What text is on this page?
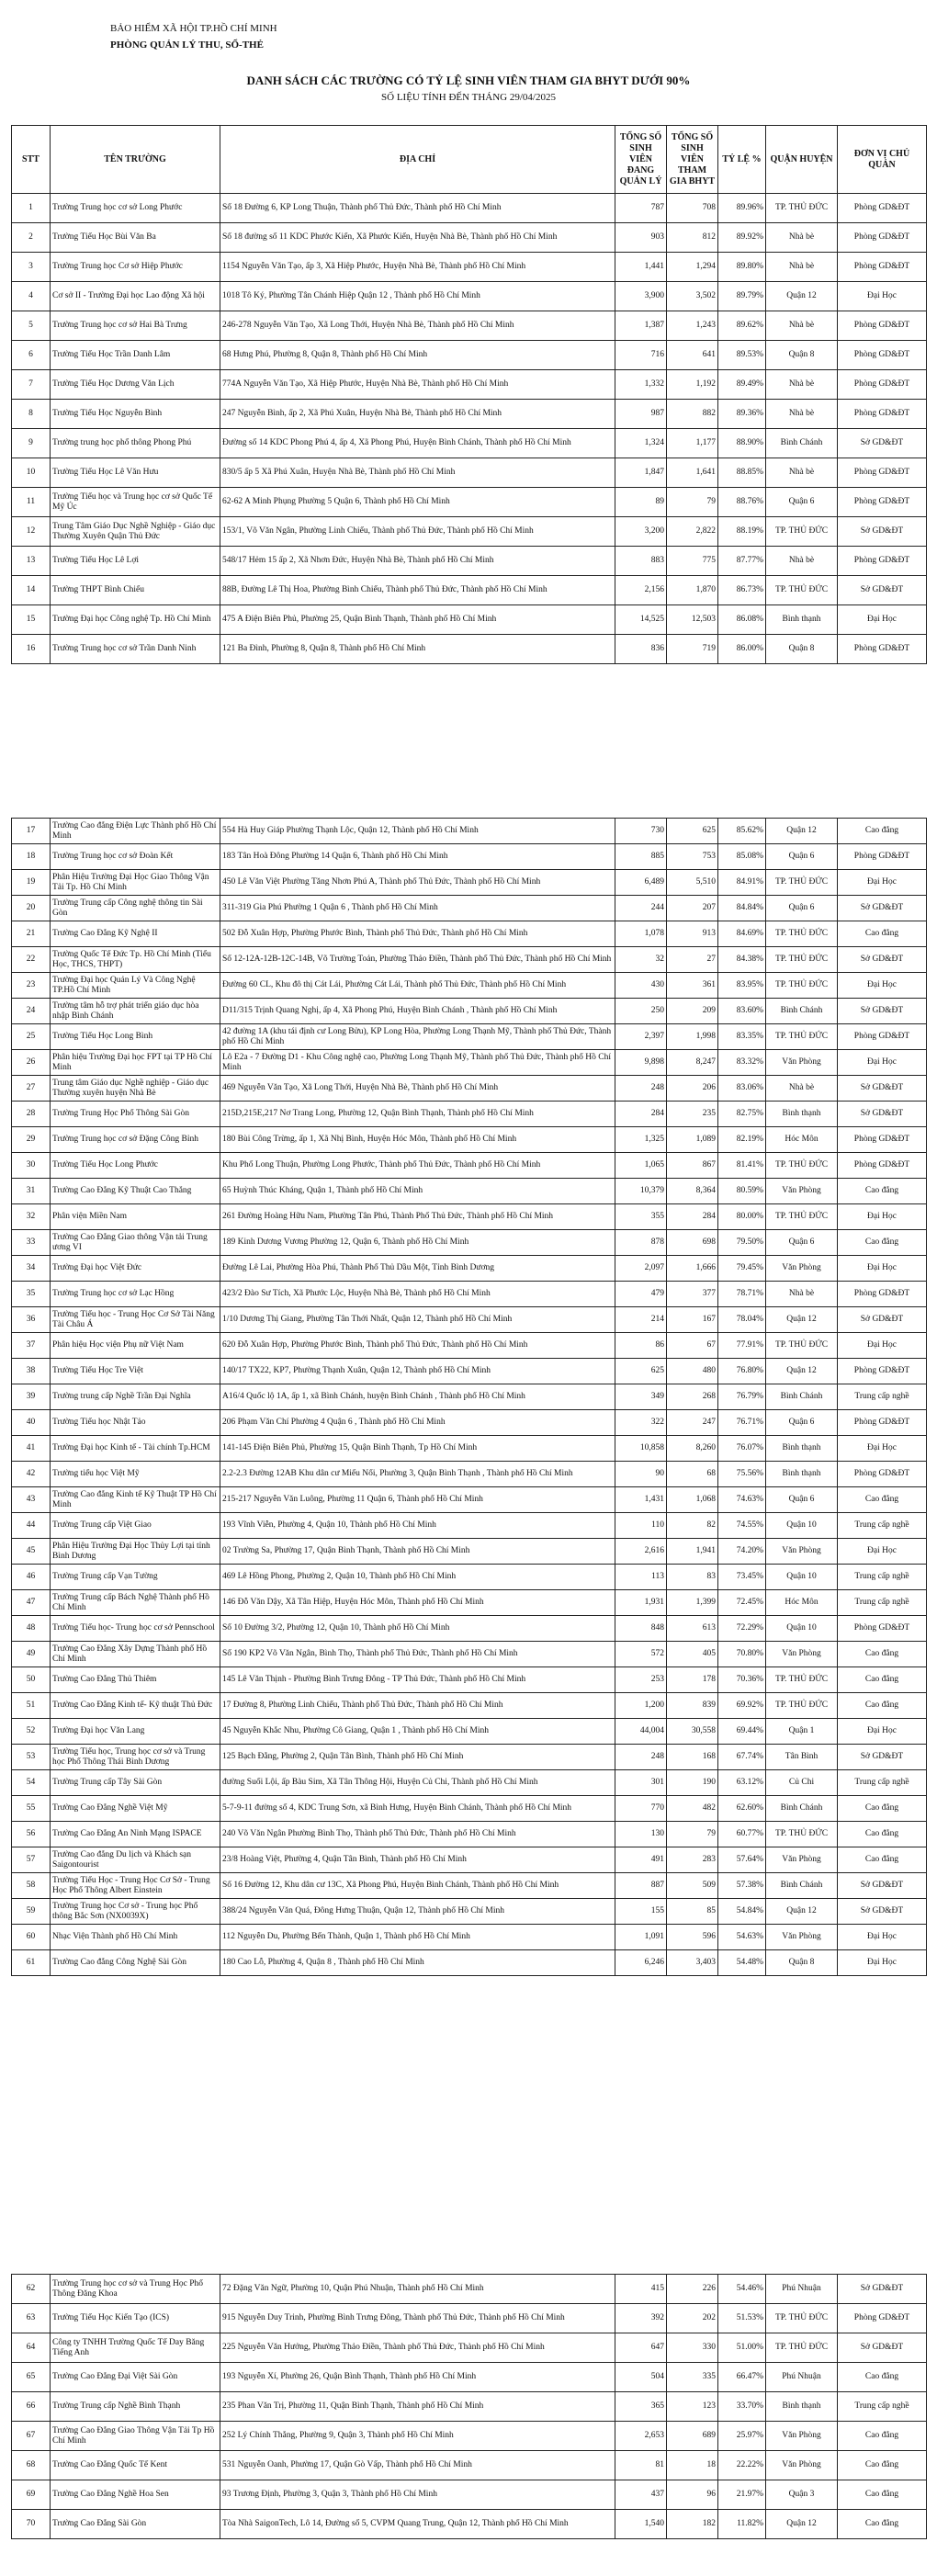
BẢO HIỂM XÃ HỘI TP.HỒ CHÍ MINH
PHÒNG QUẢN LÝ THU, SỔ-THẺ
DANH SÁCH CÁC TRƯỜNG CÓ TỶ LỆ SINH VIÊN THAM GIA BHYT DƯỚI 90%
SỐ LIỆU TÍNH ĐẾN THÁNG 29/04/2025
STT	TÊN TRƯỜNG	ĐỊA CHỈ	TỔNG SỐ SINH VIÊN ĐANG QUẢN LÝ	TỔNG SỐ SINH VIÊN THAM GIA BHYT	TỶ LỆ %	QUẬN HUYỆN	ĐƠN VỊ CHỦ QUẢN
1	Trường Trung học cơ sở Long Phước	Số 18 Đường 6, KP Long Thuận, Thành phố Thủ Đức, Thành phố Hồ Chí Minh	787	708	89.96%	TP. THỦ ĐỨC	Phòng GD&ĐT
2	Trường Tiểu Học Bùi Văn Ba	Số 18 đường số 11 KDC Phước Kiển, Xã Phước Kiển, Huyện Nhà Bè, Thành phố Hồ Chí Minh	903	812	89.92%	Nhà bè	Phòng GD&ĐT
3	Trường Trung học Cơ sở Hiệp Phước	1154 Nguyễn Văn Tạo, ấp 3, Xã Hiệp Phước, Huyện Nhà Bè, Thành phố Hồ Chí Minh	1,441	1,294	89.80%	Nhà bè	Phòng GD&ĐT
4	Cơ sở II - Trường Đại học Lao động Xã hội	1018 Tô Ký, Phường Tân Chánh Hiệp Quận 12 , Thành phố Hồ Chí Minh	3,900	3,502	89.79%	Quận 12	Đại Học
5	Trường Trung học cơ sở Hai Bà Trưng	246-278 Nguyễn Văn Tạo, Xã Long Thới, Huyện Nhà Bè, Thành phố Hồ Chí Minh	1,387	1,243	89.62%	Nhà bè	Phòng GD&ĐT
6	Trường Tiểu Học Trần Danh Lâm	68 Hưng Phú, Phường 8, Quận 8, Thành phố Hồ Chí Minh	716	641	89.53%	Quận 8	Phòng GD&ĐT
7	Trường Tiểu Học Dương Văn Lịch	774A Nguyễn Văn Tạo, Xã Hiệp Phước, Huyện Nhà Bè, Thành phố Hồ Chí Minh	1,332	1,192	89.49%	Nhà bè	Phòng GD&ĐT
8	Trường Tiểu Học Nguyễn Bình	247 Nguyễn Bình, ấp 2, Xã Phú Xuân, Huyện Nhà Bè, Thành phố Hồ Chí Minh	987	882	89.36%	Nhà bè	Phòng GD&ĐT
9	Trường trung học phổ thông Phong Phú	Đường số 14 KDC Phong Phú 4, ấp 4, Xã Phong Phú, Huyện Bình Chánh, Thành phố Hồ Chí Minh	1,324	1,177	88.90%	Bình Chánh	Sở GD&ĐT
10	Trường Tiểu Học Lê Văn Hưu	830/5 ấp 5 Xã Phú Xuân, Huyện Nhà Bè, Thành phố Hồ Chí Minh	1,847	1,641	88.85%	Nhà bè	Phòng GD&ĐT
11	Trường Tiểu học và Trung học cơ sở Quốc Tế Mỹ Úc	62-62 A Minh Phụng Phường 5 Quận 6, Thành phố Hồ Chí Minh	89	79	88.76%	Quận 6	Phòng GD&ĐT
12	Trung Tâm Giáo Dục Nghề Nghiệp - Giáo dục Thường Xuyên Quận Thủ Đức	153/1, Võ Văn Ngân, Phường Linh Chiểu, Thành phố Thủ Đức, Thành phố Hồ Chí Minh	3,200	2,822	88.19%	TP. THỦ ĐỨC	Sở GD&ĐT
13	Trường Tiểu Học Lê Lợi	548/17 Hẻm 15 ấp 2, Xã Nhơn Đức, Huyện Nhà Bè, Thành phố Hồ Chí Minh	883	775	87.77%	Nhà bè	Phòng GD&ĐT
14	Trường THPT Bình Chiểu	88B, Đường Lê Thị Hoa, Phường Bình Chiểu, Thành phố Thủ Đức, Thành phố Hồ Chí Minh	2,156	1,870	86.73%	TP. THỦ ĐỨC	Sở GD&ĐT
15	Trường Đại học Công nghệ Tp. Hồ Chí Minh	475 A Điện Biên Phủ, Phường 25, Quận Bình Thạnh, Thành phố Hồ Chí Minh	14,525	12,503	86.08%	Bình thạnh	Đại Học
16	Trường Trung học cơ sở Trần Danh Ninh	121 Ba Đình, Phường 8, Quận 8, Thành phố Hồ Chí Minh	836	719	86.00%	Quận 8	Phòng GD&ĐT
17	Trường Cao đẳng Điện Lực Thành phố Hồ Chí Minh	554 Hà Huy Giáp Phường Thạnh Lộc, Quận 12, Thành phố Hồ Chí Minh	730	625	85.62%	Quận 12	Cao đẳng
18	Trường Trung học cơ sở Đoàn Kết	183 Tân Hoà Đông Phường 14 Quận 6, Thành phố Hồ Chí Minh	885	753	85.08%	Quận 6	Phòng GD&ĐT
19	Phân Hiệu Trường Đại Học Giao Thông Vận Tải Tp. Hồ Chí Minh	450 Lê Văn Việt Phường Tăng Nhơn Phú A, Thành phố Thủ Đức, Thành phố Hồ Chí Minh	6,489	5,510	84.91%	TP. THỦ ĐỨC	Đại Học
20	Trường Trung cấp Công nghệ thông tin Sài Gòn	311-319 Gia Phú Phường 1 Quận 6 , Thành phố Hồ Chí Minh	244	207	84.84%	Quận 6	Sở GD&ĐT
21	Trường Cao Đẳng Kỹ Nghệ II	502 Đỗ Xuân Hợp, Phường Phước Bình, Thành phố Thủ Đức, Thành phố Hồ Chí Minh	1,078	913	84.69%	TP. THỦ ĐỨC	Cao đẳng
22	Trường Quốc Tế Đức Tp. Hồ Chí Minh (Tiểu Học, THCS, THPT)	Số 12-12A-12B-12C-14B, Võ Trường Toản, Phường Thảo Điền, Thành phố Thủ Đức, Thành phố Hồ Chí Minh	32	27	84.38%	TP. THỦ ĐỨC	Sở GD&ĐT
23	Trường Đại học Quản Lý Và Công Nghệ TP.Hồ Chí Minh	Đường 60 CL, Khu đô thị Cát Lái, Phường Cát Lái, Thành phố Thủ Đức, Thành phố Hồ Chí Minh	430	361	83.95%	TP. THỦ ĐỨC	Đại Học
24	Trường tâm hỗ trợ phát triển giáo dục hòa nhập Bình Chánh	D11/315 Trịnh Quang Nghị, ấp 4, Xã Phong Phú, Huyện Bình Chánh , Thành phố Hồ Chí Minh	250	209	83.60%	Bình Chánh	Sở GD&ĐT
25	Trường Tiểu Học Long Bình	42 đường 1A (khu tái định cư Long Bửu), KP Long Hòa, Phường Long Thạnh Mỹ, Thành phố Thủ Đức, Thành phố Hồ Chí Minh	2,397	1,998	83.35%	TP. THỦ ĐỨC	Phòng GD&ĐT
26	Phân hiệu Trường Đại học FPT tại TP Hồ Chí Minh	Lô E2a - 7 Đường D1 - Khu Công nghệ cao, Phường Long Thạnh Mỹ, Thành phố Thủ Đức, Thành phố Hồ Chí Minh	9,898	8,247	83.32%	Văn Phòng	Đại Học
27	Trung tâm Giáo dục Nghề nghiệp - Giáo dục Thường xuyên huyện Nhà Bè	469 Nguyễn Văn Tạo, Xã Long Thới, Huyện Nhà Bè, Thành phố Hồ Chí Minh	248	206	83.06%	Nhà bè	Sở GD&ĐT
28	Trường Trung Học Phổ Thông Sài Gòn	215D,215E,217 Nơ Trang Long, Phường 12, Quận Bình Thạnh, Thành phố Hồ Chí Minh	284	235	82.75%	Bình thạnh	Sở GD&ĐT
29	Trường Trung học cơ sở Đặng Công Bỉnh	180 Bùi Công Trừng, ấp 1, Xã Nhị Bình, Huyện Hóc Môn, Thành phố Hồ Chí Minh	1,325	1,089	82.19%	Hóc Môn	Phòng GD&ĐT
30	Trường Tiểu Học Long Phước	Khu Phố Long Thuận, Phường Long Phước, Thành phố Thủ Đức, Thành phố Hồ Chí Minh	1,065	867	81.41%	TP. THỦ ĐỨC	Phòng GD&ĐT
31	Trường Cao Đẳng Kỹ Thuật Cao Thắng	65 Huỳnh Thúc Kháng, Quận 1, Thành phố Hồ Chí Minh	10,379	8,364	80.59%	Văn Phòng	Cao đẳng
32	Phân viện Miền Nam	261 Đường Hoàng Hữu Nam, Phường Tân Phú, Thành Phố Thủ Đức, Thành phố Hồ Chí Minh	355	284	80.00%	TP. THỦ ĐỨC	Đại Học
33	Trường Cao Đẳng Giao thông Vận tải Trung ương VI	189 Kinh Dương Vương Phường 12, Quận 6, Thành phố Hồ Chí Minh	878	698	79.50%	Quận 6	Cao đẳng
34	Trường Đại học Việt Đức	Đường Lê Lai, Phường Hòa Phú, Thành Phố Thủ Dầu Một, Tỉnh Bình Dương	2,097	1,666	79.45%	Văn Phòng	Đại Học
35	Trường Trung học cơ sở Lạc Hồng	423/2 Đào Sư Tích, Xã Phước Lộc, Huyện Nhà Bè, Thành phố Hồ Chí Minh	479	377	78.71%	Nhà bè	Phòng GD&ĐT
36	Trường Tiểu học - Trung Học Cơ Sở Tài Năng Tài Châu Á	1/10 Dương Thị Giang, Phường Tân Thới Nhất, Quận 12, Thành phố Hồ Chí Minh	214	167	78.04%	Quận 12	Sở GD&ĐT
37	Phân hiệu Học viện Phụ nữ Việt Nam	620 Đỗ Xuân Hợp, Phường Phước Bình, Thành phố Thủ Đức, Thành phố Hồ Chí Minh	86	67	77.91%	TP. THỦ ĐỨC	Đại Học
38	Trường Tiểu Học Tre Việt	140/17 TX22, KP7, Phường Thạnh Xuân, Quận 12, Thành phố Hồ Chí Minh	625	480	76.80%	Quận 12	Phòng GD&ĐT
39	Trường trung cấp Nghề Trần Đại Nghĩa	A16/4 Quốc lộ 1A, ấp 1, xã Bình Chánh, huyện Bình Chánh , Thành phố Hồ Chí Minh	349	268	76.79%	Bình Chánh	Trung cấp nghề
40	Trường Tiểu học Nhật Tảo	206 Phạm Văn Chí Phường 4 Quận 6 , Thành phố Hồ Chí Minh	322	247	76.71%	Quận 6	Phòng GD&ĐT
41	Trường Đại học Kinh tế - Tài chính Tp.HCM	141-145 Điện Biên Phủ, Phường 15, Quận Bình Thạnh, Tp Hồ Chí Minh	10,858	8,260	76.07%	Bình thạnh	Đại Học
42	Trường tiểu học Việt Mỹ	2.2-2.3 Đường 12AB Khu dân cư Miếu Nổi, Phường 3, Quận Bình Thạnh , Thành phố Hồ Chí Minh	90	68	75.56%	Bình thạnh	Phòng GD&ĐT
43	Trường Cao đẳng Kinh tế Kỹ Thuật TP Hồ Chí Minh	215-217 Nguyễn Văn Luông, Phường 11 Quận 6, Thành phố Hồ Chí Minh	1,431	1,068	74.63%	Quận 6	Cao đẳng
44	Trường Trung cấp Việt Giao	193 Vĩnh Viễn, Phường 4, Quận 10, Thành phố Hồ Chí Minh	110	82	74.55%	Quận 10	Trung cấp nghề
45	Phân Hiệu Trường Đại Học Thủy Lợi tại tỉnh Bình Dương	02 Trường Sa, Phường 17, Quận Bình Thạnh, Thành phố Hồ Chí Minh	2,616	1,941	74.20%	Văn Phòng	Đại Học
46	Trường Trung cấp Vạn Tường	469 Lê Hồng Phong, Phường 2, Quận 10, Thành phố Hồ Chí Minh	113	83	73.45%	Quận 10	Trung cấp nghề
47	Trường Trung cấp Bách Nghệ Thành phố Hồ Chí Minh	146 Đỗ Văn Dậy, Xã Tân Hiệp, Huyện Hóc Môn, Thành phố Hồ Chí Minh	1,931	1,399	72.45%	Hóc Môn	Trung cấp nghề
48	Trường Tiểu học- Trung học cơ sở Pennschool	Số 10 Đường 3/2, Phường 12, Quận 10, Thành phố Hồ Chí Minh	848	613	72.29%	Quận 10	Phòng GD&ĐT
49	Trường Cao Đẳng Xây Dựng Thành phố Hồ Chí Minh	Số 190 KP2 Võ Văn Ngân, Bình Thọ, Thành phố Thủ Đức, Thành phố Hồ Chí Minh	572	405	70.80%	Văn Phòng	Cao đẳng
50	Trường Cao Đẳng Thủ Thiêm	145 Lê Văn Thịnh - Phường Bình Trưng Đông - TP Thủ Đức, Thành phố Hồ Chí Minh	253	178	70.36%	TP. THỦ ĐỨC	Cao đẳng
51	Trường Cao Đẳng Kinh tế- Kỹ thuật Thủ Đức	17 Đường 8, Phường Linh Chiểu, Thành phố Thủ Đức, Thành phố Hồ Chí Minh	1,200	839	69.92%	TP. THỦ ĐỨC	Cao đẳng
52	Trường Đại học Văn Lang	45 Nguyễn Khắc Nhu, Phường Cô Giang, Quận 1 , Thành phố Hồ Chí Minh	44,004	30,558	69.44%	Quận 1	Đại Học
53	Trường Tiểu học, Trung học cơ sở và Trung học Phổ Thông Thái Bình Dương	125 Bạch Đằng, Phường 2, Quận Tân Bình, Thành phố Hồ Chí Minh	248	168	67.74%	Tân Bình	Sở GD&ĐT
54	Trường Trung cấp Tây Sài Gòn	đường Suối Lội, ấp Bàu Sim, Xã Tân Thông Hội, Huyện Củ Chi, Thành phố Hồ Chí Minh	301	190	63.12%	Củ Chi	Trung cấp nghề
55	Trường Cao Đẳng Nghề Việt Mỹ	5-7-9-11 đường số 4, KDC Trung Sơn, xã Bình Hưng, Huyện Bình Chánh, Thành phố Hồ Chí Minh	770	482	62.60%	Bình Chánh	Cao đẳng
56	Trường Cao Đẳng An Ninh Mạng ISPACE	240 Võ Văn Ngân Phường Bình Thọ, Thành phố Thủ Đức, Thành phố Hồ Chí Minh	130	79	60.77%	TP. THỦ ĐỨC	Cao đẳng
57	Trường Cao đẳng Du lịch và Khách sạn Saigontourist	23/8 Hoàng Việt, Phường 4, Quận Tân Bình, Thành phố Hồ Chí Minh	491	283	57.64%	Văn Phòng	Cao đẳng
58	Trường Tiểu Học - Trung Học Cơ Sở - Trung Học Phổ Thông Albert Einstein	Số 16 Đường 12, Khu dân cư 13C, Xã Phong Phú, Huyện Bình Chánh, Thành phố Hồ Chí Minh	887	509	57.38%	Bình Chánh	Sở GD&ĐT
59	Trường Trung học Cơ sở - Trung học Phổ thông Bắc Sơn (NX0039X)	388/24 Nguyễn Văn Quá, Đông Hưng Thuận, Quận 12, Thành phố Hồ Chí Minh	155	85	54.84%	Quận 12	Sở GD&ĐT
60	Nhạc Viện Thành phố Hồ Chí Minh	112 Nguyễn Du, Phường Bến Thành, Quận 1, Thành phố Hồ Chí Minh	1,091	596	54.63%	Văn Phòng	Đại Học
61	Trường Cao đẳng Công Nghệ Sài Gòn	180 Cao Lỗ, Phường 4, Quận 8 , Thành phố Hồ Chí Minh	6,246	3,403	54.48%	Quận 8	Đại Học
62	Trường Trung học cơ sở và Trung Học Phổ Thông Đăng Khoa	72 Đặng Văn Ngữ, Phường 10, Quận Phú Nhuận, Thành phố Hồ Chí Minh	415	226	54.46%	Phú Nhuận	Sở GD&ĐT
63	Trường Tiểu Học Kiến Tạo (ICS)	915 Nguyễn Duy Trinh, Phường Bình Trưng Đông, Thành phố Thủ Đức, Thành phố Hồ Chí Minh	392	202	51.53%	TP. THỦ ĐỨC	Phòng GD&ĐT
64	Công ty TNHH Trường Quốc Tế Day Băng Tiếng Anh	225 Nguyễn Văn Hưởng, Phường Thảo Điền, Thành phố Thủ Đức, Thành phố Hồ Chí Minh	647	330	51.00%	TP. THỦ ĐỨC	Sở GD&ĐT
65	Trường Cao Đẳng Đại Việt Sài Gòn	193 Nguyễn Xí, Phường 26, Quận Bình Thạnh, Thành phố Hồ Chí Minh	504	335	66.47%	Phú Nhuận	Cao đẳng
66	Trường Trung cấp Nghề Bình Thạnh	235 Phan Văn Trị, Phường 11, Quận Bình Thạnh, Thành phố Hồ Chí Minh	365	123	33.70%	Bình thạnh	Trung cấp nghề
67	Trường Cao Đẳng Giao Thông Vận Tải Tp Hồ Chí Minh	252 Lý Chính Thắng, Phường 9, Quận 3, Thành phố Hồ Chí Minh	2,653	689	25.97%	Văn Phòng	Cao đẳng
68	Trường Cao Đẳng Quốc Tế Kent	531 Nguyễn Oanh, Phường 17, Quận Gò Vấp, Thành phố Hồ Chí Minh	81	18	22.22%	Văn Phòng	Cao đẳng
69	Trường Cao Đẳng Nghề Hoa Sen	93 Trương Định, Phường 3, Quận 3, Thành phố Hồ Chí Minh	437	96	21.97%	Quận 3	Cao đẳng
70	Trường Cao Đẳng Sài Gòn	Tòa Nhà SaigonTech, Lô 14, Đường số 5, CVPM Quang Trung, Quận 12, Thành phố Hồ Chí Minh	1,540	182	11.82%	Quận 12	Cao đẳng
